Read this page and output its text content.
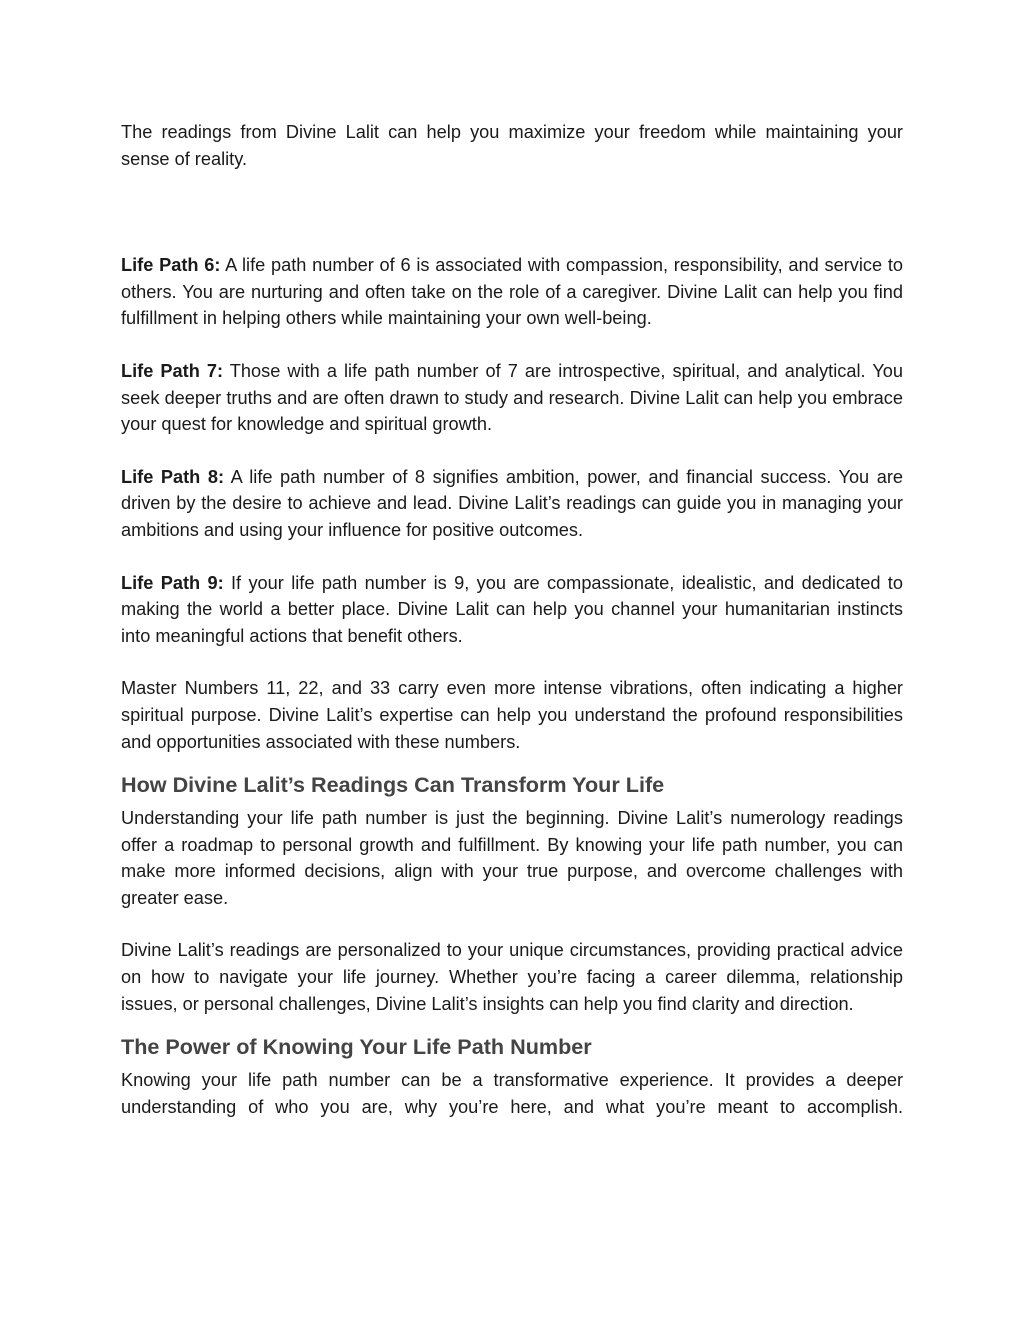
The readings from Divine Lalit can help you maximize your freedom while maintaining your sense of reality.

Life Path 6: A life path number of 6 is associated with compassion, responsibility, and service to others. You are nurturing and often take on the role of a caregiver. Divine Lalit can help you find fulfillment in helping others while maintaining your own well-being.

Life Path 7: Those with a life path number of 7 are introspective, spiritual, and analytical. You seek deeper truths and are often drawn to study and research. Divine Lalit can help you embrace your quest for knowledge and spiritual growth.

Life Path 8: A life path number of 8 signifies ambition, power, and financial success. You are driven by the desire to achieve and lead. Divine Lalit’s readings can guide you in managing your ambitions and using your influence for positive outcomes.

Life Path 9: If your life path number is 9, you are compassionate, idealistic, and dedicated to making the world a better place. Divine Lalit can help you channel your humanitarian instincts into meaningful actions that benefit others.

Master Numbers 11, 22, and 33 carry even more intense vibrations, often indicating a higher spiritual purpose. Divine Lalit’s expertise can help you understand the profound responsibilities and opportunities associated with these numbers.

How Divine Lalit’s Readings Can Transform Your Life

Understanding your life path number is just the beginning. Divine Lalit’s numerology readings offer a roadmap to personal growth and fulfillment. By knowing your life path number, you can make more informed decisions, align with your true purpose, and overcome challenges with greater ease.

Divine Lalit’s readings are personalized to your unique circumstances, providing practical advice on how to navigate your life journey. Whether you’re facing a career dilemma, relationship issues, or personal challenges, Divine Lalit’s insights can help you find clarity and direction.

The Power of Knowing Your Life Path Number

Knowing your life path number can be a transformative experience. It provides a deeper understanding of who you are, why you’re here, and what you’re meant to accomplish.
